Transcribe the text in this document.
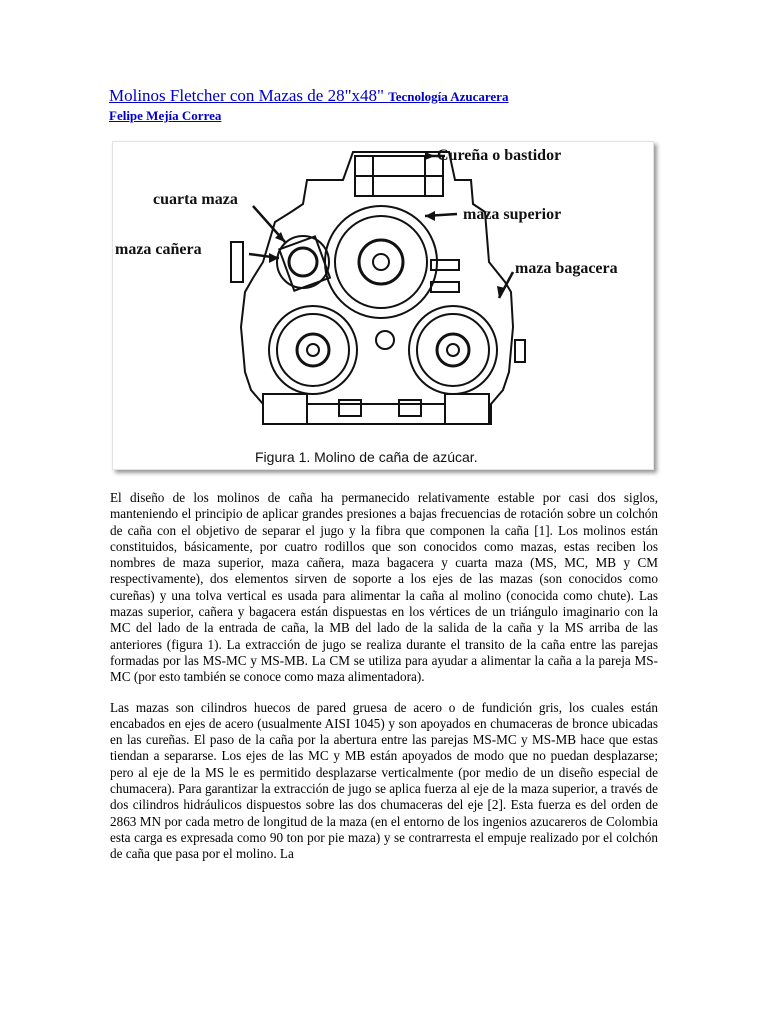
Molinos Fletcher con Mazas de 28"x48" Tecnología Azucarera
Felipe Mejía Correa
Cureña o bastidor
cuarta maza
maza superior
maza cañera
maza bagacera
Figura 1. Molino de caña de azúcar.

El diseño de los molinos de caña ha permanecido relativamente estable por casi dos siglos, manteniendo el principio de aplicar grandes presiones a bajas frecuencias de rotación sobre un colchón de caña con el objetivo de separar el jugo y la fibra que componen la caña [1]. Los molinos están constituidos, básicamente, por cuatro rodillos que son conocidos como mazas, estas reciben los nombres de maza superior, maza cañera, maza bagacera y cuarta maza (MS, MC, MB y CM respectivamente), dos elementos sirven de soporte a los ejes de las mazas (son conocidos como cureñas) y una tolva vertical es usada para alimentar la caña al molino (conocida como chute). Las mazas superior, cañera y bagacera están dispuestas en los vértices de un triángulo imaginario con la MC del lado de la entrada de caña, la MB del lado de la salida de la caña y la MS arriba de las anteriores (figura 1). La extracción de jugo se realiza durante el transito de la caña entre las parejas formadas por las MS-MC y MS-MB. La CM se utiliza para ayudar a alimentar la caña a la pareja MS-MC (por esto también se conoce como maza alimentadora).

Las mazas son cilindros huecos de pared gruesa de acero o de fundición gris, los cuales están encabados en ejes de acero (usualmente AISI 1045) y son apoyados en chumaceras de bronce ubicadas en las cureñas. El paso de la caña por la abertura entre las parejas MS-MC y MS-MB hace que estas tiendan a separarse. Los ejes de las MC y MB están apoyados de modo que no puedan desplazarse; pero al eje de la MS le es permitido desplazarse verticalmente (por medio de un diseño especial de chumacera). Para garantizar la extracción de jugo se aplica fuerza al eje de la maza superior, a través de dos cilindros hidráulicos dispuestos sobre las dos chumaceras del eje [2]. Esta fuerza es del orden de 2863 MN por cada metro de longitud de la maza (en el entorno de los ingenios azucareros de Colombia esta carga es expresada como 90 ton por pie maza) y se contrarresta el empuje realizado por el colchón de caña que pasa por el molino. La
